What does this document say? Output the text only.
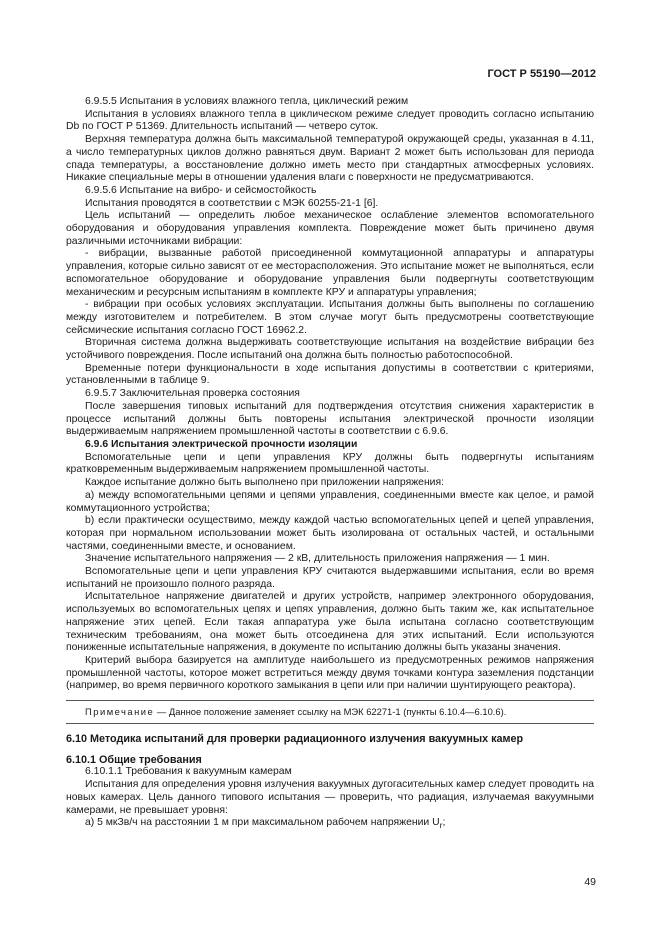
ГОСТ Р 55190—2012

6.9.5.5 Испытания в условиях влажного тепла, циклический режим

Испытания в условиях влажного тепла в циклическом режиме следует проводить согласно испытанию Db по ГОСТ Р 51369. Длительность испытаний — четверо суток.

Верхняя температура должна быть максимальной температурой окружающей среды, указанная в 4.11, а число температурных циклов должно равняться двум. Вариант 2 может быть использован для периода спада температуры, а восстановление должно иметь место при стандартных атмосферных условиях. Никакие специальные меры в отношении удаления влаги с поверхности не предусматриваются.

6.9.5.6 Испытание на вибро- и сейсмостойкость

Испытания проводятся в соответствии с МЭК 60255-21-1 [6].

Цель испытаний — определить любое механическое ослабление элементов вспомогательного оборудования и оборудования управления комплекта. Повреждение может быть причинено двумя различными источниками вибрации:

- вибрации, вызванные работой присоединенной коммутационной аппаратуры и аппаратуры управления, которые сильно зависят от ее месторасположения. Это испытание может не выполняться, если вспомогательное оборудование и оборудование управления были подвергнуты соответствующим механическим и ресурсным испытаниям в комплекте КРУ и аппаратуры управления;

- вибрации при особых условиях эксплуатации. Испытания должны быть выполнены по соглашению между изготовителем и потребителем. В этом случае могут быть предусмотрены соответствующие сейсмические испытания согласно ГОСТ 16962.2.

Вторичная система должна выдерживать соответствующие испытания на воздействие вибрации без устойчивого повреждения. После испытаний она должна быть полностью работоспособной.

Временные потери функциональности в ходе испытания допустимы в соответствии с критериями, установленными в таблице 9.

6.9.5.7 Заключительная проверка состояния

После завершения типовых испытаний для подтверждения отсутствия снижения характеристик в процессе испытаний должны быть повторены испытания электрической прочности изоляции выдерживаемым напряжением промышленной частоты в соответствии с 6.9.6.

6.9.6 Испытания электрической прочности изоляции

Вспомогательные цепи и цепи управления КРУ должны быть подвергнуты испытаниям кратковременным выдерживаемым напряжением промышленной частоты.

Каждое испытание должно быть выполнено при приложении напряжения:

a) между вспомогательными цепями и цепями управления, соединенными вместе как целое, и рамой коммутационного устройства;

b) если практически осуществимо, между каждой частью вспомогательных цепей и цепей управления, которая при нормальном использовании может быть изолирована от остальных частей, и остальными частями, соединенными вместе, и основанием.

Значение испытательного напряжения — 2 кВ, длительность приложения напряжения — 1 мин.

Вспомогательные цепи и цепи управления КРУ считаются выдержавшими испытания, если во время испытаний не произошло полного разряда.

Испытательное напряжение двигателей и других устройств, например электронного оборудования, используемых во вспомогательных цепях и цепях управления, должно быть таким же, как испытательное напряжение этих цепей. Если такая аппаратура уже была испытана согласно соответствующим техническим требованиям, она может быть отсоединена для этих испытаний. Если используются пониженные испытательные напряжения, в документе по испытанию должны быть указаны значения.

Критерий выбора базируется на амплитуде наибольшего из предусмотренных режимов напряжения промышленной частоты, которое может встретиться между двумя точками контура заземления подстанции (например, во время первичного короткого замыкания в цепи или при наличии шунтирующего реактора).

Примечание — Данное положение заменяет ссылку на МЭК 62271-1 (пункты 6.10.4—6.10.6).

6.10 Методика испытаний для проверки радиационного излучения вакуумных камер

6.10.1 Общие требования

6.10.1.1 Требования к вакуумным камерам

Испытания для определения уровня излучения вакуумных дугогасительных камер следует проводить на новых камерах. Цель данного типового испытания — проверить, что радиация, излучаемая вакуумными камерами, не превышает уровня:

a) 5 мкЗв/ч на расстоянии 1 м при максимальном рабочем напряжении $U_r$;

49
